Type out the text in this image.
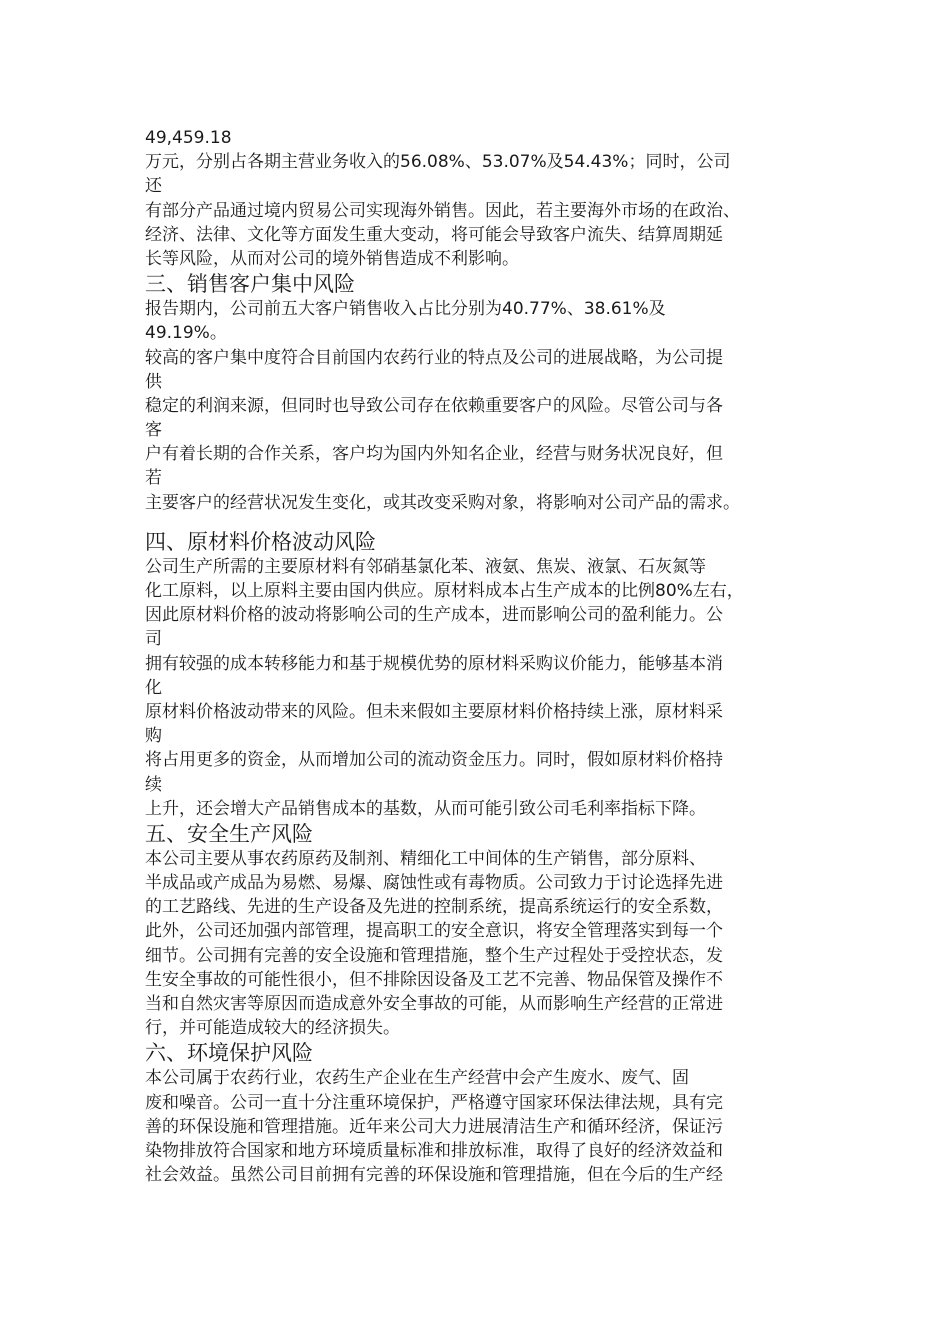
49,459.18
万元，分别占各期主营业务收入的56.08%、53.07%及54.43%；同时，公司
还
有部分产品通过境内贸易公司实现海外销售。因此，若主要海外市场的在政治、
经济、法律、文化等方面发生重大变动，将可能会导致客户流失、结算周期延
长等风险，从而对公司的境外销售造成不利影响。
三、销售客户集中风险
报告期内，公司前五大客户销售收入占比分别为40.77%、38.61%及
49.19%。
较高的客户集中度符合目前国内农药行业的特点及公司的进展战略，为公司提
供
稳定的利润来源，但同时也导致公司存在依赖重要客户的风险。尽管公司与各
客
户有着长期的合作关系，客户均为国内外知名企业，经营与财务状况良好，但
若
主要客户的经营状况发生变化，或其改变采购对象，将影响对公司产品的需求。
四、原材料价格波动风险
公司生产所需的主要原材料有邻硝基氯化苯、液氨、焦炭、液氯、石灰氮等
化工原料，以上原料主要由国内供应。原材料成本占生产成本的比例80%左右，
因此原材料价格的波动将影响公司的生产成本，进而影响公司的盈利能力。公
司
拥有较强的成本转移能力和基于规模优势的原材料采购议价能力，能够基本消
化
原材料价格波动带来的风险。但未来假如主要原材料价格持续上涨，原材料采
购
将占用更多的资金，从而增加公司的流动资金压力。同时，假如原材料价格持
续
上升，还会增大产品销售成本的基数，从而可能引致公司毛利率指标下降。
五、安全生产风险
本公司主要从事农药原药及制剂、精细化工中间体的生产销售，部分原料、
半成品或产成品为易燃、易爆、腐蚀性或有毒物质。公司致力于讨论选择先进
的工艺路线、先进的生产设备及先进的控制系统，提高系统运行的安全系数，
此外，公司还加强内部管理，提高职工的安全意识，将安全管理落实到每一个
细节。公司拥有完善的安全设施和管理措施，整个生产过程处于受控状态，发
生安全事故的可能性很小，但不排除因设备及工艺不完善、物品保管及操作不
当和自然灾害等原因而造成意外安全事故的可能，从而影响生产经营的正常进
行，并可能造成较大的经济损失。
六、环境保护风险
本公司属于农药行业，农药生产企业在生产经营中会产生废水、废气、固
废和噪音。公司一直十分注重环境保护，严格遵守国家环保法律法规，具有完
善的环保设施和管理措施。近年来公司大力进展清洁生产和循环经济，保证污
染物排放符合国家和地方环境质量标准和排放标准，取得了良好的经济效益和
社会效益。虽然公司目前拥有完善的环保设施和管理措施，但在今后的生产经
